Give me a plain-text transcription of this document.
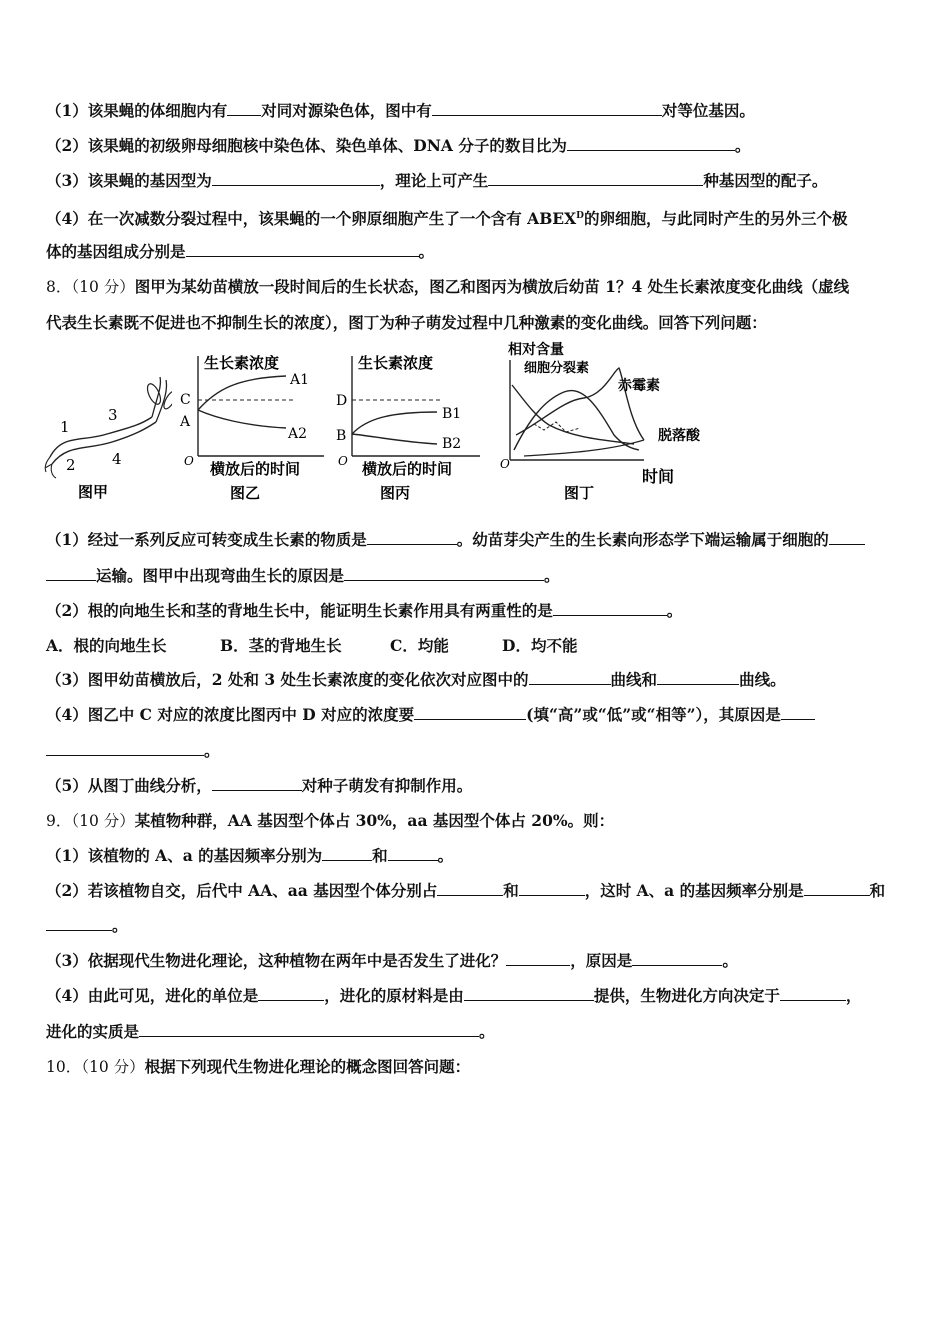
（1）该果蝇的体细胞内有 对同对源染色体，图中有	对等位基因。
（2）该果蝇的初级卵母细胞核中染色体、染色单体、DNA 分子的数目比为	。
（3）该果蝇的基因型为	，理论上可产生	种基因型的配子。
（4）在一次减数分裂过程中，该果蝇的一个卵原细胞产生了一个含有 $ABEX^D$的卵细胞，与此同时产生的另外三个极
体的基因组成分别是	。
8．（10 分）图甲为某幼苗横放一段时间后的生长状态，图乙和图丙为横放后幼苗 1？4 处生长素浓度变化曲线（虚线
代表生长素既不促进也不抑制生长的浓度），图丁为种子萌发过程中几种激素的变化曲线。回答下列问题：
1
2
3
4
图甲
生长素浓度
C
A
A1
A2
O 横放后的时间
图乙
生长素浓度
D
B
B1
B2
O 横放后的时间
图丙
相对含量
细胞分裂素
赤霉素
脱落酸
O
时间
图丁
（1）经过一系列反应可转变成生长素的物质是	。幼苗芽尖产生的生长素向形态学下端运输属于细胞的
运输。图甲中出现弯曲生长的原因是	。
（2）根的向地生长和茎的背地生长中，能证明生长素作用具有两重性的是	。
A．根的向地生长	B．茎的背地生长	C．均能	D．均不能
（3）图甲幼苗横放后，2 处和 3 处生长素浓度的变化依次对应图中的	曲线和	曲线。
（4）图乙中 C 对应的浓度比图丙中 D 对应的浓度要	(填“高”或“低”或“相等”），其原因是
。
（5）从图丁曲线分析，	对种子萌发有抑制作用。
9．（10 分）某植物种群，AA 基因型个体占 30%，aa 基因型个体占 20%。则：
（1）该植物的 A、a 的基因频率分别为	和	。
（2）若该植物自交，后代中 AA、aa 基因型个体分别占	和	，这时 A、a 的基因频率分别是	和
。
（3）依据现代生物进化理论，这种植物在两年中是否发生了进化？	，原因是	。
（4）由此可见，进化的单位是	，进化的原材料是由	提供，生物进化方向决定于	，
进化的实质是	。
10．（10 分）根据下列现代生物进化理论的概念图回答问题：
